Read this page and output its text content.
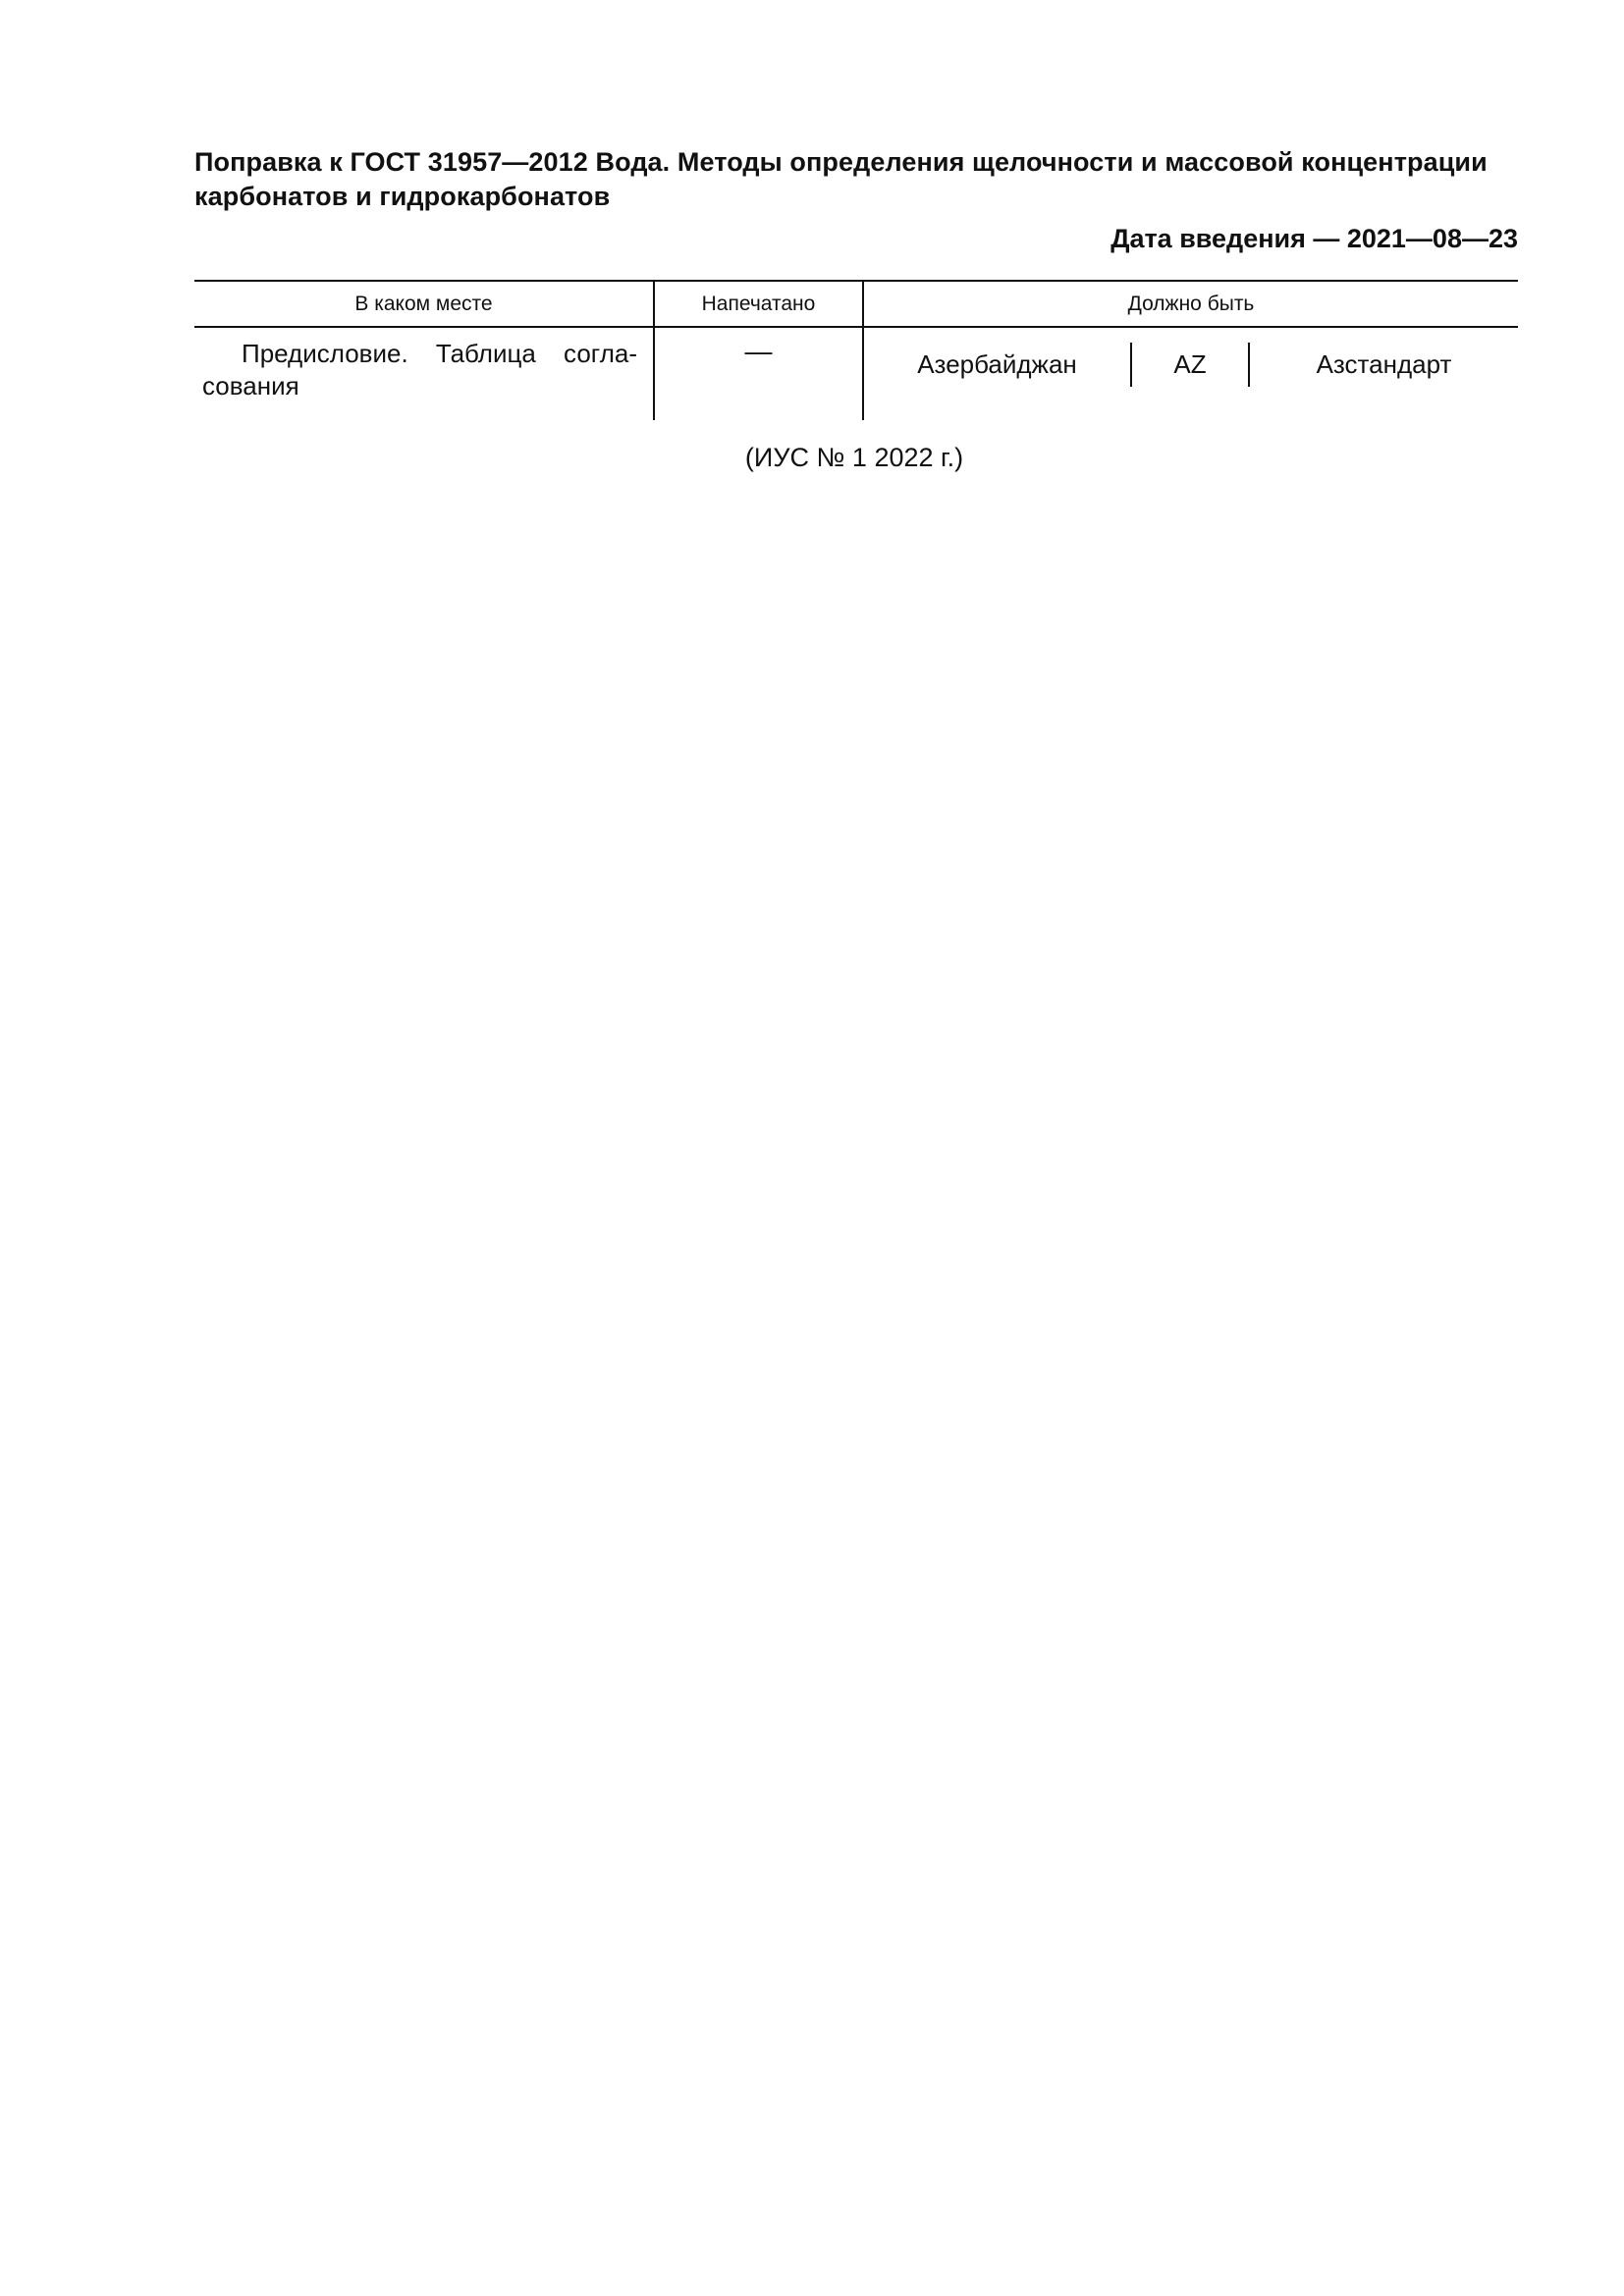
Поправка к ГОСТ 31957—2012 Вода. Методы определения щелочности и массовой концентрации карбонатов и гидрокарбонатов
Дата введения — 2021—08—23
В каком месте	Напечатано	Должно быть
Предисловие. Таблица согла-сования	—	Азербайджан AZ Азстандарт
(ИУС № 1 2022 г.)
